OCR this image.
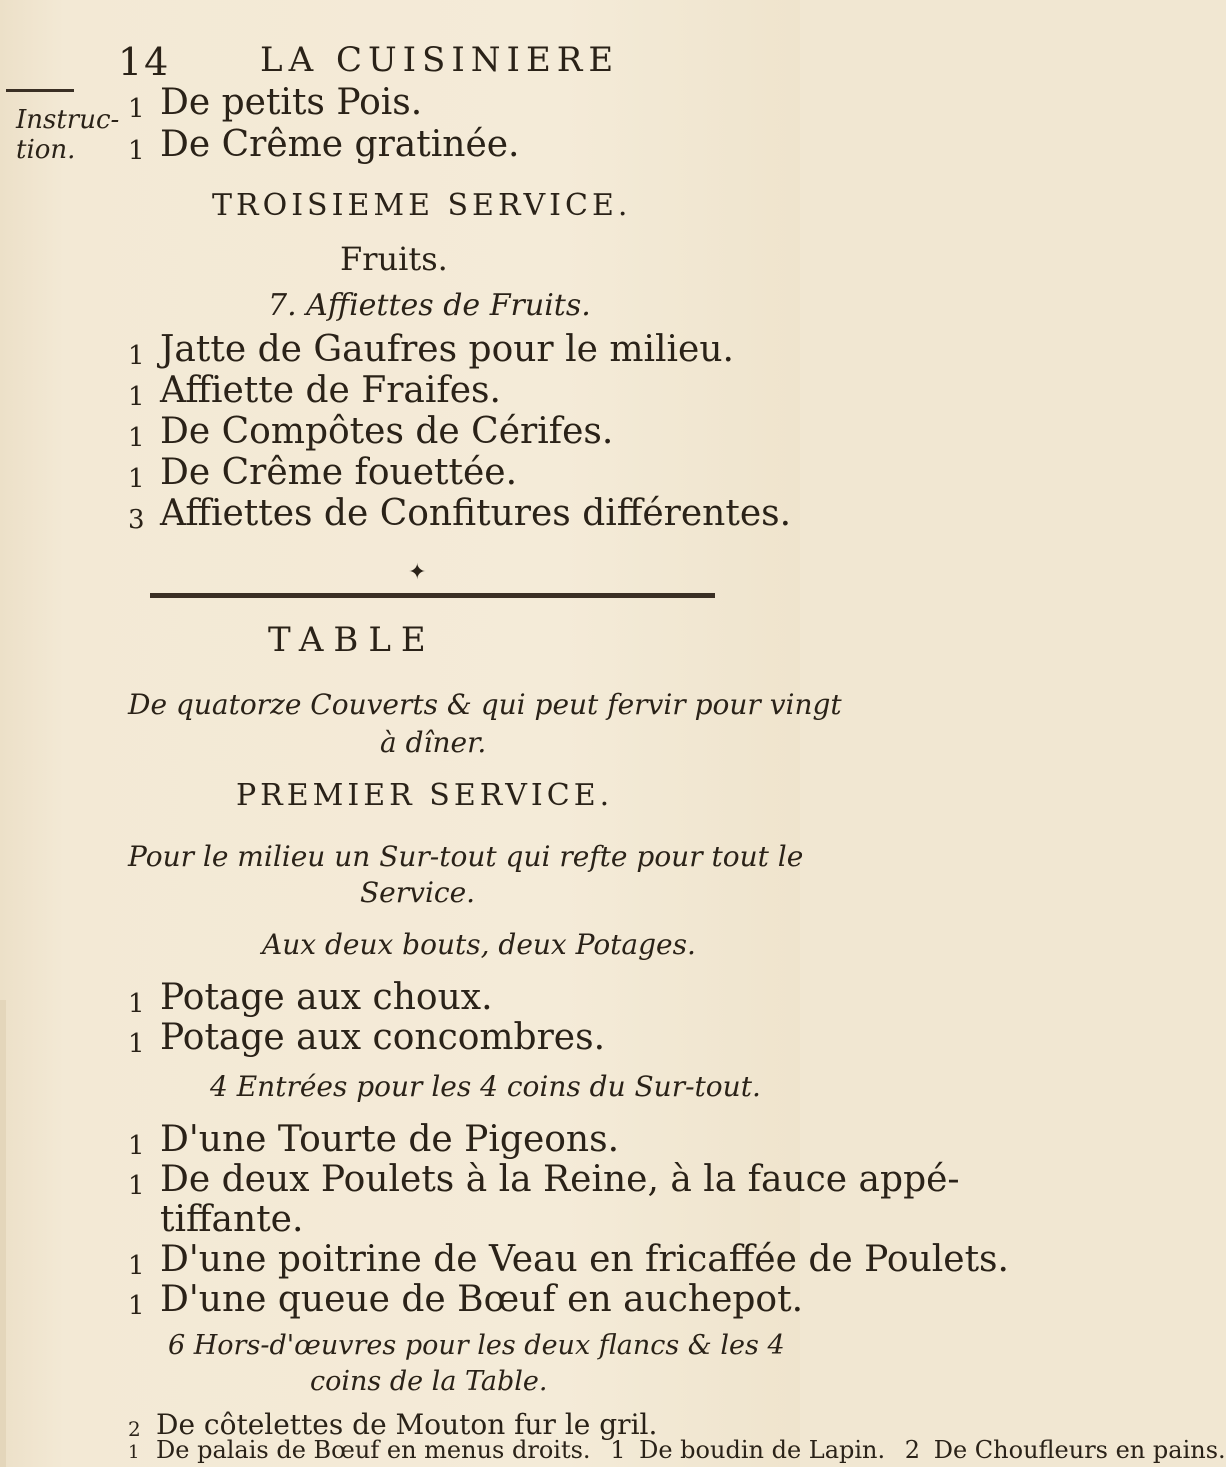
14	LA CUISINIERE
Instruc-tion.
1 De petits Pois.
1 De Crême gratinée.
TROISIEME SERVICE.
Fruits.
7. Affiettes de Fruits.
1 Jatte de Gaufres pour le milieu.
1 Affiette de Fraifes.
1 De Compôtes de Cérifes.
1 De Crême fouettée.
3 Affiettes de Confitures différentes.
✦
TABLE
De quatorze Couverts & qui peut fervir pour vingt
à dîner.
PREMIER SERVICE.
Pour le milieu un Sur-tout qui refte pour tout le
Service.
Aux deux bouts, deux Potages.
1 Potage aux choux.
1 Potage aux concombres.
4 Entrées pour les 4 coins du Sur-tout.
1 D'une Tourte de Pigeons.
1 De deux Poulets à la Reine, à la fauce appé-
tiffante.
1 D'une poitrine de Veau en fricaffée de Poulets.
1 D'une queue de Bœuf en auchepot.
6 Hors-d'œuvres pour les deux flancs & les 4
coins de la Table.
2 De côtelettes de Mouton fur le gril.
1 De palais de Bœuf en menus droits. 1 De boudin de Lapin. 2 De Choufleurs en pains.
